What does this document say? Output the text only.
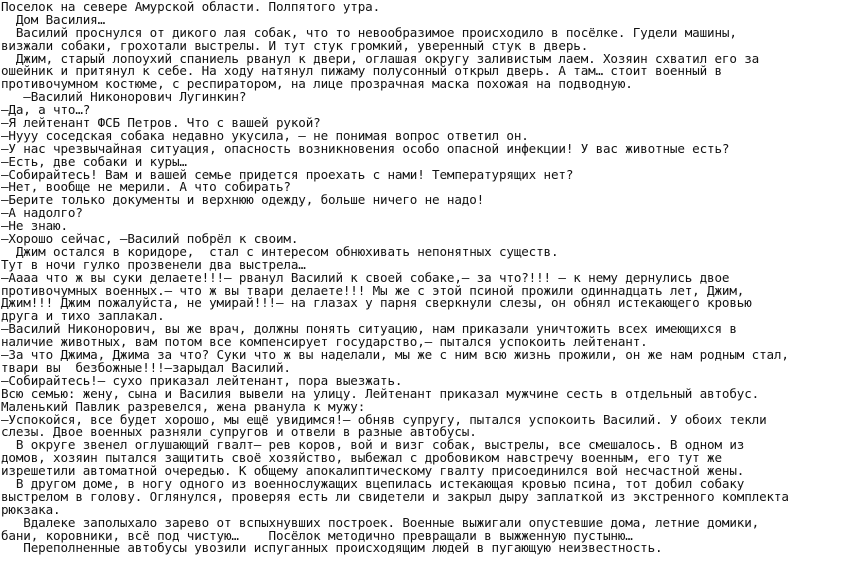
Поселок на севере Амурской области. Полпятого утра.
Дом Василия…
Василий проснулся от дикого лая собак, что то невообразимое происходило в посёлке. Гудели машины,
визжали собаки, грохотали выстрелы. И тут стук громкий, уверенный стук в дверь.
Джим, старый лопоухий спаниель рванул к двери, оглашая округу заливистым лаем. Хозяин схватил его за
ошейник и притянул к себе. На ходу натянул пижаму полусонный открыл дверь. А там… стоит военный в
противочумном костюме, с респиратором, на лице прозрачная маска похожая на подводную.
–Василий Никонорович Лугинкин?
–Да, а что…?
–Я лейтенант ФСБ Петров. Что с вашей рукой?
–Нууу соседская собака недавно укусила, – не понимая вопрос ответил он.
–У нас чрезвычайная ситуация, опасность возникновения особо опасной инфекции! У вас животные есть?
–Есть, две собаки и куры…
–Собирайтесь! Вам и вашей семье придется проехать с нами! Температурящих нет?
–Нет, вообще не мерили. А что собирать?
–Берите только документы и верхнюю одежду, больше ничего не надо!
–А надолго?
–Не знаю.
–Хорошо сейчас, –Василий побрёл к своим.
Джим остался в коридоре,  стал с интересом обнюхивать непонятных существ.
Тут в ночи гулко прозвенели два выстрела…
–Аааа что ж вы суки делаете!!!– рванул Василий к своей собаке,– за что?!!! – к нему дернулись двое
противочумных военных.– что ж вы твари делаете!!! Мы же с этой псиной прожили одиннадцать лет, Джим,
Джим!!! Джим пожалуйста, не умирай!!!– на глазах у парня сверкнули слезы, он обнял истекающего кровью
друга и тихо заплакал.
–Василий Никонорович, вы же врач, должны понять ситуацию, нам приказали уничтожить всех имеющихся в
наличие животных, вам потом все компенсирует государство,– пытался успокоить лейтенант.
–За что Джима, Джима за что? Суки что ж вы наделали, мы же с ним всю жизнь прожили, он же нам родным стал,
твари вы  безбожные!!!–зарыдал Василий.
–Собирайтесь!– сухо приказал лейтенант, пора выезжать.
Всю семью: жену, сына и Василия вывели на улицу. Лейтенант приказал мужчине сесть в отдельный автобус.
Маленький Павлик разревелся, жена рванула к мужу:
–Успокойся, все будет хорошо, мы ещё увидимся!– обняв супругу, пытался успокоить Василий. У обоих текли
слезы. Двое военных разняли супругов и отвели в разные автобусы.
В округе звенел оглушающий гвалт– рев коров, вой и визг собак, выстрелы, все смешалось. В одном из
домов, хозяин пытался защитить своё хозяйство, выбежал с дробовиком навстречу военным, его тут же
изрешетили автоматной очередью. К общему апокалиптическому гвалту присоединился вой несчастной жены.
В другом доме, в ногу одного из военнослужащих вцепилась истекающая кровью псина, тот добил собаку
выстрелом в голову. Оглянулся, проверяя есть ли свидетели и закрыл дыру заплаткой из экстренного комплекта
рюкзака.
Вдалеке заполыхало зарево от вспыхнувших построек. Военные выжигали опустевшие дома, летние домики,
бани, коровники, всё под чистую…    Посёлок методично превращали в выжженную пустыню…
Переполненные автобусы увозили испуганных происходящим людей в пугающую неизвестность.
